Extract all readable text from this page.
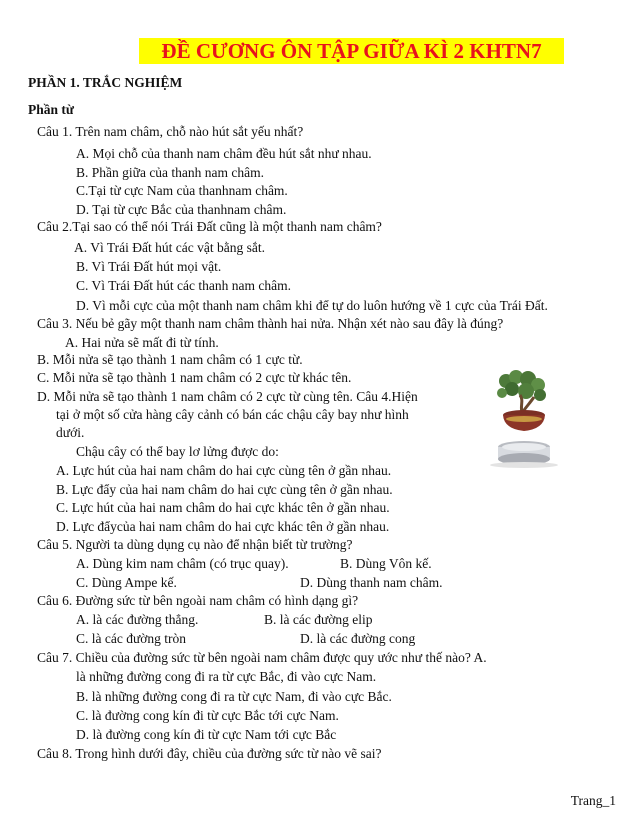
ĐỀ CƯƠNG ÔN TẬP GIỮA KÌ 2 KHTN7
PHẦN 1. TRẮC NGHIỆM
Phần từ
Câu 1. Trên nam châm, chỗ nào hút sắt yếu nhất?
A. Mọi chỗ của thanh nam châm đều hút sắt như nhau.
B. Phần giữa của thanh nam châm.
C.Tại từ cực Nam của thanhnam châm.
D. Tại từ cực Bắc của thanhnam châm.
Câu 2.Tại sao có thể nói Trái Đất cũng là một thanh nam châm?
A. Vì Trái Đất hút các vật bằng sắt.
B. Vì Trái Đất hút mọi vật.
C. Vì Trái Đất hút các thanh nam châm.
D. Vì mỗi cực của một thanh nam châm khi để tự do luôn hướng về 1 cực của Trái Đất.
Câu 3. Nếu bẻ gãy một thanh nam châm thành hai nửa. Nhận xét nào sau đây là đúng?
A. Hai nửa sẽ mất đi từ tính.
B. Mỗi nửa sẽ tạo thành 1 nam châm có 1 cực từ.
C. Mỗi nửa sẽ tạo thành 1 nam châm có 2 cực từ khác tên.
D. Mỗi nửa sẽ tạo thành 1 nam châm có 2 cực từ cùng tên. Câu 4.Hiện
tại ở một số cửa hàng cây cảnh có bán các chậu cây bay như hình
dưới.
Chậu cây có thể bay lơ lửng được do:
A. Lực hút của hai nam châm do hai cực cùng tên ở gần nhau.
B. Lực đẩy của hai nam châm do hai cực cùng tên ở gần nhau.
C. Lực hút của hai nam châm do hai cực khác tên ở gần nhau.
D. Lực đẩycủa hai nam châm do hai cực khác tên ở gần nhau.
Câu 5. Người ta dùng dụng cụ nào để nhận biết từ trường?
A. Dùng kim nam châm (có trục quay).	B. Dùng Vôn kế.
C. Dùng Ampe kế.	D. Dùng thanh nam châm.
Câu 6. Đường sức từ bên ngoài nam châm có hình dạng gì?
A. là các đường thẳng.	B. là các đường elip
C. là các đường tròn	D. là các đường cong
Câu 7. Chiều của đường sức từ bên ngoài nam châm được quy ước như thế nào? A.
là những đường cong đi ra từ cực Bắc, đi vào cực Nam.
B. là những đường cong đi ra từ cực Nam, đi vào cực Bắc.
C. là đường cong kín đi từ cực Bắc tới cực Nam.
D. là đường cong kín đi từ cực Nam tới cực Bắc
Câu 8. Trong hình dưới đây, chiều của đường sức từ nào vẽ sai?
Trang_1
